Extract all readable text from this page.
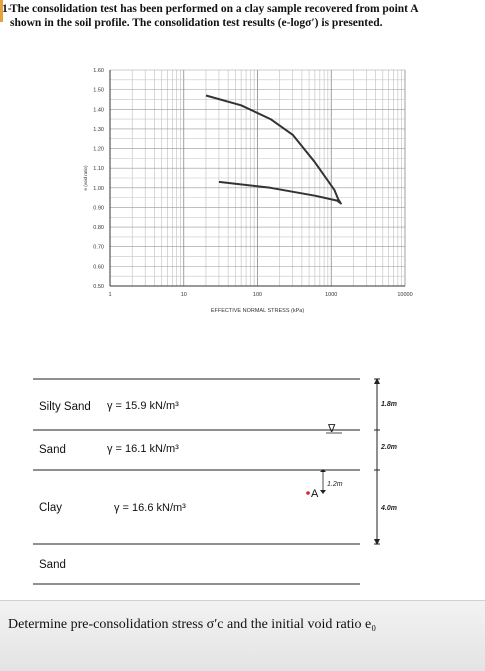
1-
The consolidation test has been performed on a clay sample recovered from point A
shown in the soil profile. The consolidation test results (e-logσ′) is presented.
0.50
0.60
0.70
0.80
0.90
1.00
1.10
1.20
1.30
1.40
1.50
1.60
1	10	100	1000	10000
EFFECTIVE NORMAL STRESS (kPa)
e (void ratio)
Silty Sand γ = 15.9 kN/m³
Sand	γ = 16.1 kN/m³
Clay	γ = 16.6 kN/m³
Sand
1.8m
2.0m
4.0m
∇
A
1.2m
Determine pre-consolidation stress σ′c and the initial void ratio e₀
